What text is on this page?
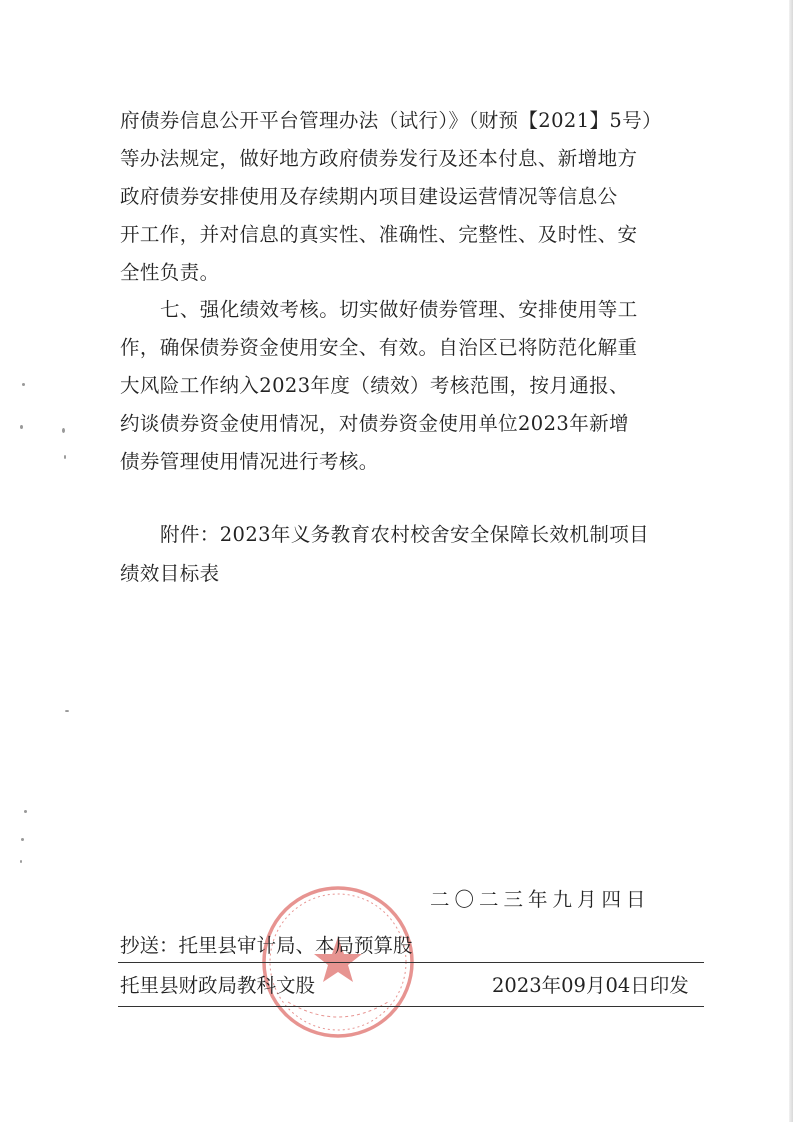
府债券信息公开平台管理办法（试行）》（财预【2021】5号）
等办法规定，做好地方政府债券发行及还本付息、新增地方
政府债券安排使用及存续期内项目建设运营情况等信息公
开工作，并对信息的真实性、准确性、完整性、及时性、安
全性负责。
七、强化绩效考核。切实做好债券管理、安排使用等工
作，确保债券资金使用安全、有效。自治区已将防范化解重
大风险工作纳入2023年度（绩效）考核范围，按月通报、
约谈债券资金使用情况，对债券资金使用单位2023年新增
债券管理使用情况进行考核。
附件：2023年义务教育农村校舍安全保障长效机制项目
绩效目标表
二〇二三年九月四日
抄送：托里县审计局、本局预算股
托里县财政局教科文股	2023年09月04日印发
